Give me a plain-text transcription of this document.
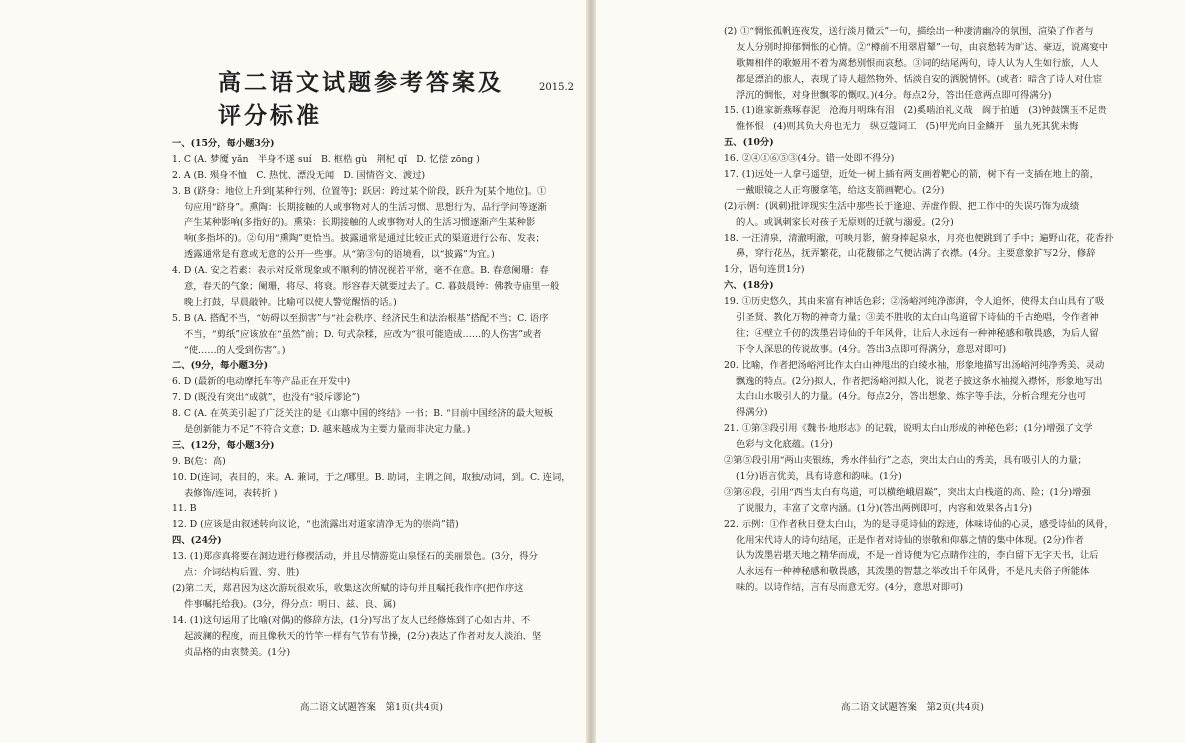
高二语文试题参考答案及评分标准
2015.2
一、(15分，每小题3分)
1. C (A. 梦魇 yǎn　半身不遂 suí　B. 框梏 gù　荆杞 qǐ　D. 忆偿 zōng )
2. A (B. 殒身不恤　C. 热忱、漂没无闻　D. 国情咨文、渡过)
3. B (跻身：地位上升到[某种行列、位置等]；跃居：跨过某个阶段，跃升为[某个地位]。①
句应用“跻身”。熏陶：长期接触的人或事物对人的生活习惯、思想行为、品行学问等逐渐
产生某种影响(多指好的)。熏染：长期接触的人或事物对人的生活习惯逐渐产生某种影
响(多指坏的)。②句用“熏陶”更恰当。披露通常是通过比较正式的渠道进行公布、发表；
透露通常是有意或无意的公开一些事。从“第③句的语境看，以“披露”为宜。)
4. D (A. 安之若素：表示对反常现象或不顺利的情况视若平常，毫不在意。B. 春意阑珊：春
意，春天的气象；阑珊，将尽、将衰。形容春天就要过去了。C. 暮鼓晨钟：佛教寺庙里一般
晚上打鼓，早晨敲钟。比喻可以使人警觉醒悟的话。)
5. B (A. 搭配不当，“妨碍以至损害”与“社会秩序、经济民生和法治根基”搭配不当；C. 语序
不当，“剪纸”应该放在“虽然”前；D. 句式杂糅，应改为“很可能造成……的人伤害”或者
“使……的人受到伤害”。)
二、(9分，每小题3分)
6. D (最新的电动摩托车等产品正在开发中)
7. D (既没有突出“成就”，也没有“驳斥谬论”)
8. C (A. 在英美引起了广泛关注的是《山寨中国的终结》一书；B. “目前中国经济的最大短板
是创新能力不足”不符合文意；D. 越来越成为主要力量而非决定力量。)
三、(12分，每小题3分)
9. B(危：高)
10. D(连词，表目的，来。A. 兼词，于之/哪里。B. 助词，主谓之间，取独/动词，到。C. 连词，
表修饰/连词，表转折 )
11. B
12. D (应该是由叙述转向议论，“也流露出对道家清净无为的崇尚”错)
四、(24分)
13. (1)郑彦真将要在洞边进行修禊活动，并且尽情游览山泉怪石的美丽景色。(3分，得分
点：介词结构后置、穷、胜)
(2)第二天，郑君因为这次游玩很欢乐，收集这次所赋的诗句并且嘱托我作序(把作序这
件事嘱托给我)。(3分，得分点：明日、兹、良、属)
14. (1)这句运用了比喻(对偶)的修辞方法，(1分)写出了友人已经修炼到了心如古井、不
起波澜的程度，而且像秋天的竹竿一样有气节有节操，(2分)表达了作者对友人淡泊、坚
贞品格的由衷赞美。(1分)
高二语文试题答案　第1页(共4页)
(2) ①“惆怅孤帆连夜发，送行淡月微云”一句，描绘出一种凄清幽冷的氛围，渲染了作者与
友人分别时抑郁惆怅的心情。②“樽前不用翠眉颦”一句，由哀愁转为旷达、豪迈，说离宴中
歌舞相伴的歌姬用不着为离愁别恨而哀愁。③词的结尾两句，诗人认为人生如行旅，人人
都是漂泊的旅人，表现了诗人超然物外、恬淡自安的洒脱情怀。(或者：暗含了诗人对仕宦
浮沉的惆怅，对身世飘零的慨叹。)(4分。每点2分，答出任意两点即可得满分)
15. (1)谁家新燕啄春泥　沧海月明珠有泪　(2)奚啮泊礼义哉　阆于拍遁　(3)钟鼓馔玉不足贵
惟怀恨　(4)则其负大舟也无力　纵豆蔻词工　(5)甲光向日金鳞开　虽九死其犹未悔
五、(10分)
16. ②④①⑥⑤③(4分。错一处即不得分)
17. (1)远处一人拿弓遥望，近处一树上插有两支画着靶心的箭，树下有一支插在地上的箭，
一戴眼镜之人正弯腰拿笔，给这支箭画靶心。(2分)
(2)示例：(讽刺)批评现实生活中那些长于逢迎、弄虚作假、把工作中的失误巧饰为成绩
的人。或讽刺家长对孩子无原则的迁就与溺爱。(2分)
18. 一汪清泉，清澈明澈，可映月影，俯身捧起泉水，月亮也便跳到了手中；遍野山花，花香扑
鼻，穿行花丛，抚弄繁花，山花馥郁之气便沾满了衣襟。(4分。主要意象扩写2分，修辞
1分，语句连贯1分)
六、(18分)
19. ①历史悠久，其由来富有神话色彩；②汤峪河纯净澎湃，令人追怀，使得太白山具有了吸
引圣贤、教化万物的神奇力量；③美不胜收的太白山鸟道留下诗仙的千古绝唱，令作者神
往；④壁立千仞的泼墨岩诗仙的千年风骨，让后人永远有一种神秘感和敬畏感，为后人留
下令人深思的传说故事。(4分。答出3点即可得满分，意思对即可)
20. 比喻，作者把汤峪河比作太白山神甩出的白绫水袖，形象地描写出汤峪河纯净秀美、灵动
飘逸的特点。(2分)拟人，作者把汤峪河拟人化，说老子披这条水袖搅入襟怀，形象地写出
太白山水吸引人的力量。(4分。每点2分，答出想象、炼字等手法，分析合理充分也可
得满分)
21. ①第③段引用《魏书·地形志》的记载，说明太白山形成的神秘色彩；(1分)增强了文学
色彩与文化底蕴。(1分)
②第⑤段引用“两山夹银练，秀水伴仙行”之态，突出太白山的秀美，具有吸引人的力量；
(1分)语言优美，具有诗意和韵味。(1分)
③第⑥段，引用“西当太白有鸟道，可以横绝峨眉巅”，突出太白栈道的高、险；(1分)增强
了说服力，丰富了文章内涵。(1分)(答出两例即可，内容和效果各占1分)
22. 示例：①作者秋日登太白山，为的是寻觅诗仙的踪迹，体味诗仙的心灵，感受诗仙的风骨，
化用宋代诗人的诗句结尾，正是作者对诗仙的崇敬和仰慕之情的集中体现。(2分)作者
认为泼墨岩堪天地之精华而成，不是一首诗便为它点睛作注的，李白留下无字天书，让后
人永远有一种神秘感和敬畏感，其泼墨的智慧之举改出千年风骨，不是凡夫俗子所能体
味的。以诗作结，言有尽而意无穷。(4分，意思对即可)
高二语文试题答案　第2页(共4页)
